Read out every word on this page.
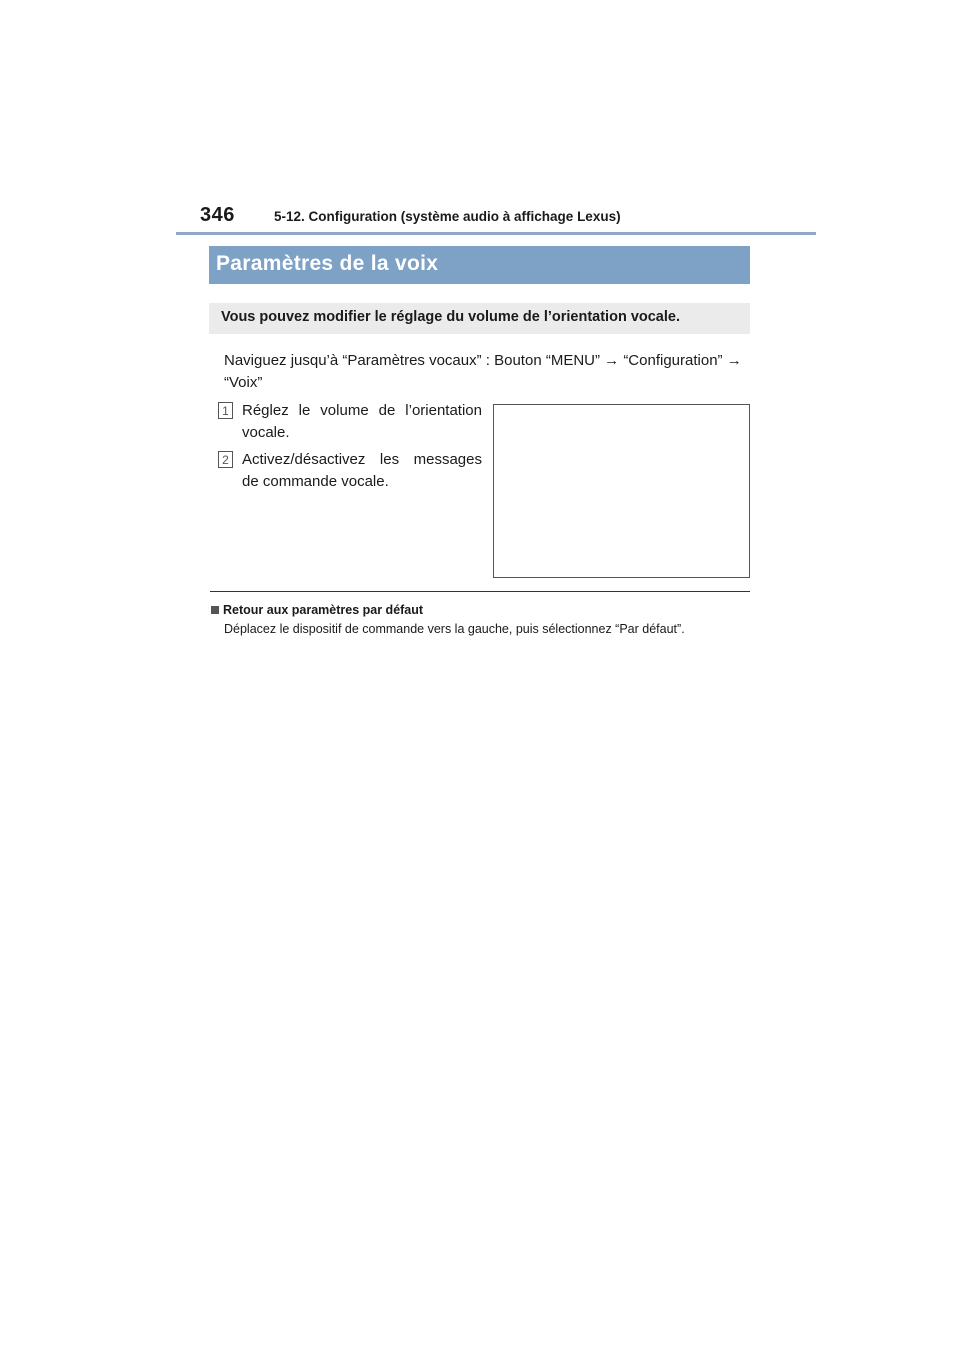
346	5-12. Configuration (système audio à affichage Lexus)
Paramètres de la voix
Vous pouvez modifier le réglage du volume de l’orientation vocale.
Naviguez jusqu’à “Paramètres vocaux” : Bouton “MENU” → “Configuration” → “Voix”
1 Réglez le volume de l’orientation vocale.
2 Activez/désactivez les messages de commande vocale.
Retour aux paramètres par défaut
Déplacez le dispositif de commande vers la gauche, puis sélectionnez “Par défaut”.
